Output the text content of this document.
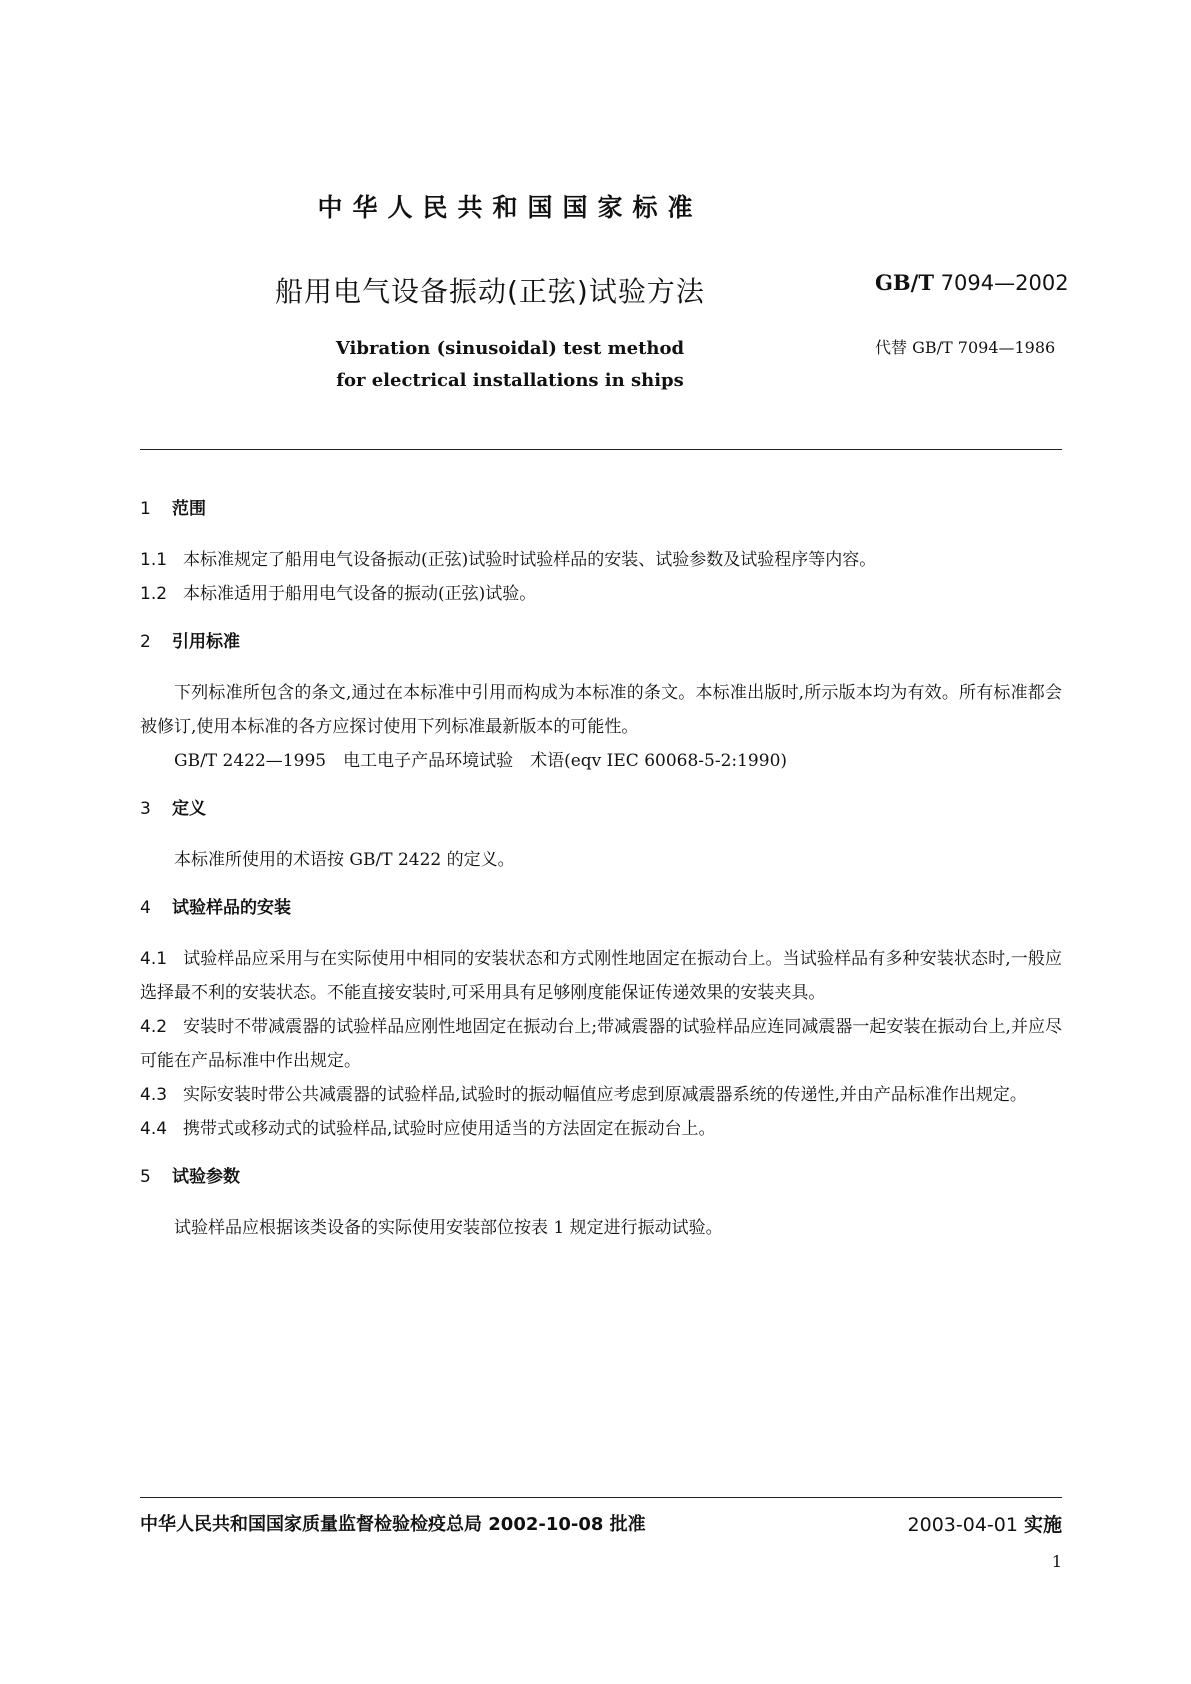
中华人民共和国国家标准
船用电气设备振动(正弦)试验方法	GB/T 7094—2002
代替 GB/T 7094—1986
Vibration (sinusoidal) test method
for electrical installations in ships

1 范围

1.1 本标准规定了船用电气设备振动(正弦)试验时试验样品的安装、试验参数及试验程序等内容。

1.2 本标准适用于船用电气设备的振动(正弦)试验。

2 引用标准

下列标准所包含的条文,通过在本标准中引用而构成为本标准的条文。本标准出版时,所示版本均为有效。所有标准都会被修订,使用本标准的各方应探讨使用下列标准最新版本的可能性。

GB/T 2422—1995　电工电子产品环境试验　术语(eqv IEC 60068-5-2:1990)

3 定义

本标准所使用的术语按 GB/T 2422 的定义。

4 试验样品的安装

4.1 试验样品应采用与在实际使用中相同的安装状态和方式刚性地固定在振动台上。当试验样品有多种安装状态时,一般应选择最不利的安装状态。不能直接安装时,可采用具有足够刚度能保证传递效果的安装夹具。

4.2 安装时不带减震器的试验样品应刚性地固定在振动台上;带减震器的试验样品应连同减震器一起安装在振动台上,并应尽可能在产品标准中作出规定。

4.3 实际安装时带公共减震器的试验样品,试验时的振动幅值应考虑到原减震器系统的传递性,并由产品标准作出规定。

4.4 携带式或移动式的试验样品,试验时应使用适当的方法固定在振动台上。

5 试验参数

试验样品应根据该类设备的实际使用安装部位按表 1 规定进行振动试验。

中华人民共和国国家质量监督检验检疫总局 2002-10-08 批准	2003-04-01 实施
1
